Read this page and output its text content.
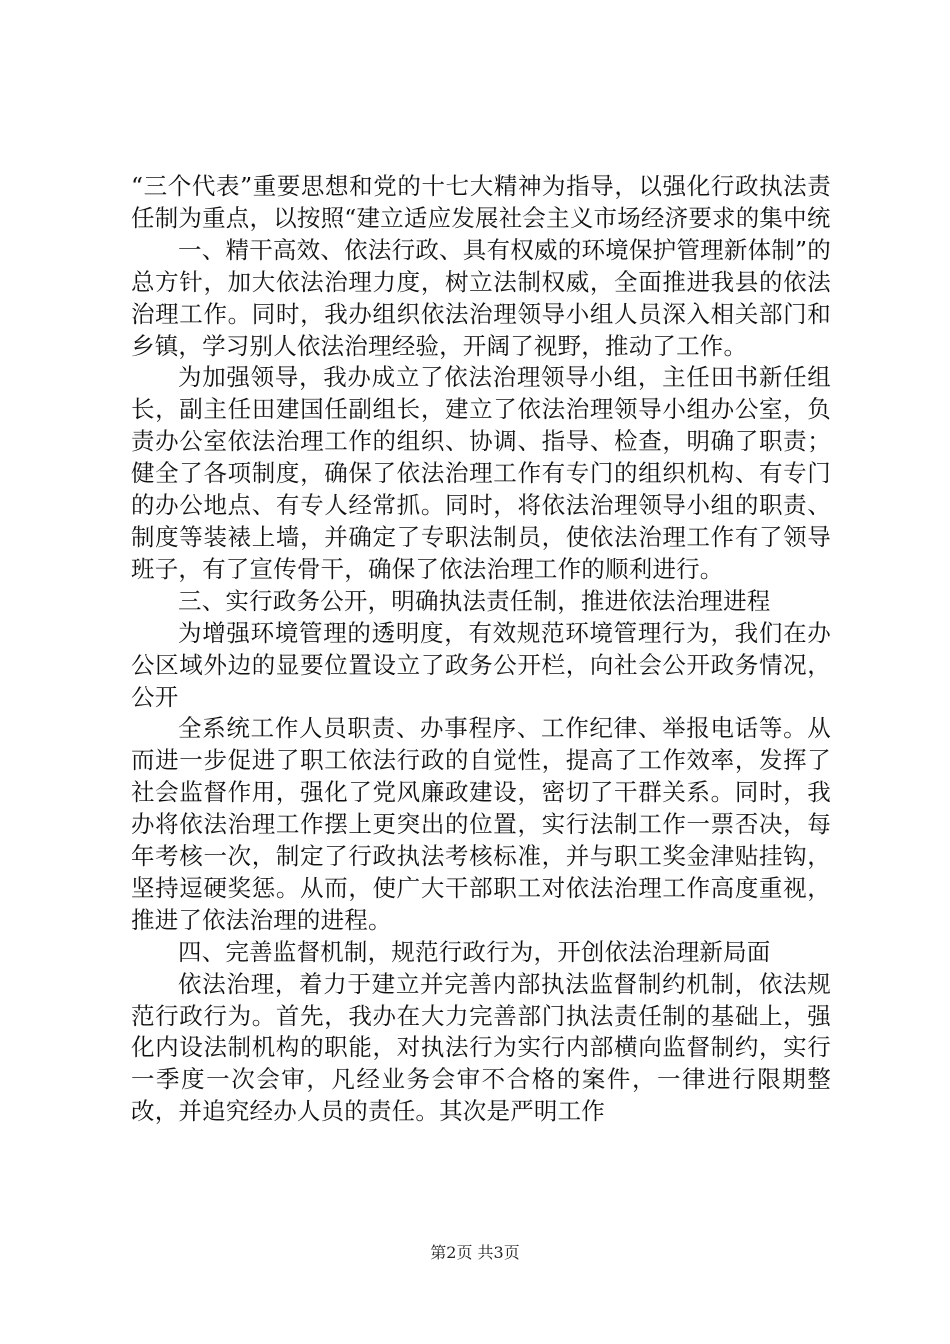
“三个代表”重要思想和党的十七大精神为指导，以强化行政执法责任制为重点，以按照“建立适应发展社会主义市场经济要求的集中统

一、精干高效、依法行政、具有权威的环境保护管理新体制”的总方针，加大依法治理力度，树立法制权威，全面推进我县的依法治理工作。同时，我办组织依法治理领导小组人员深入相关部门和乡镇，学习别人依法治理经验，开阔了视野，推动了工作。

为加强领导，我办成立了依法治理领导小组，主任田书新任组长，副主任田建国任副组长，建立了依法治理领导小组办公室，负责办公室依法治理工作的组织、协调、指导、检查，明确了职责；健全了各项制度，确保了依法治理工作有专门的组织机构、有专门的办公地点、有专人经常抓。同时，将依法治理领导小组的职责、制度等装裱上墙，并确定了专职法制员，使依法治理工作有了领导班子，有了宣传骨干，确保了依法治理工作的顺利进行。

三、实行政务公开，明确执法责任制，推进依法治理进程

为增强环境管理的透明度，有效规范环境管理行为，我们在办公区域外边的显要位置设立了政务公开栏，向社会公开政务情况，公开

全系统工作人员职责、办事程序、工作纪律、举报电话等。从而进一步促进了职工依法行政的自觉性，提高了工作效率，发挥了社会监督作用，强化了党风廉政建设，密切了干群关系。同时，我办将依法治理工作摆上更突出的位置，实行法制工作一票否决，每年考核一次，制定了行政执法考核标准，并与职工奖金津贴挂钩，坚持逗硬奖惩。从而，使广大干部职工对依法治理工作高度重视，推进了依法治理的进程。

四、完善监督机制，规范行政行为，开创依法治理新局面

依法治理，着力于建立并完善内部执法监督制约机制，依法规范行政行为。首先，我办在大力完善部门执法责任制的基础上，强化内设法制机构的职能，对执法行为实行内部横向监督制约，实行一季度一次会审，凡经业务会审不合格的案件，一律进行限期整改，并追究经办人员的责任。其次是严明工作

第2页 共3页
